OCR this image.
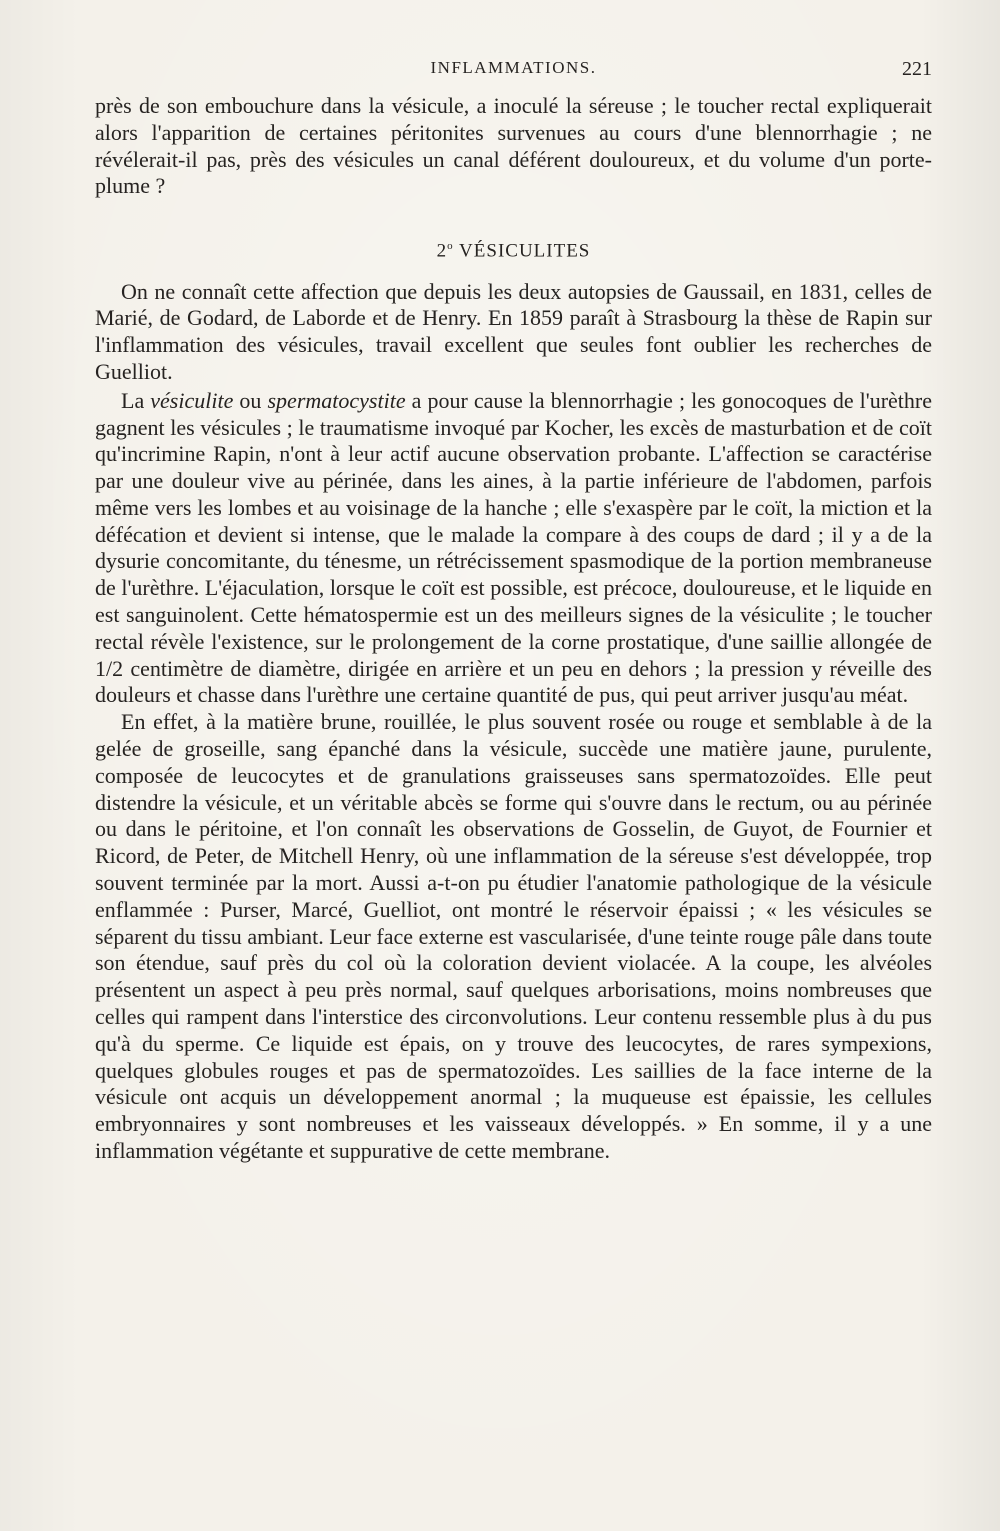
INFLAMMATIONS.	221

près de son embouchure dans la vésicule, a inoculé la séreuse ; le toucher rectal expliquerait alors l'apparition de certaines péritonites survenues au cours d'une blennorrhagie ; ne révélerait-il pas, près des vésicules un canal déférent douloureux, et du volume d'un porte-plume ?

2$^o$ VÉSICULITES

On ne connaît cette affection que depuis les deux autopsies de Gaussail, en 1831, celles de Marié, de Godard, de Laborde et de Henry. En 1859 paraît à Strasbourg la thèse de Rapin sur l'inflammation des vésicules, travail excellent que seules font oublier les recherches de Guelliot.

La vésiculite ou spermatocystite a pour cause la blennorrhagie ; les gonocoques de l'urèthre gagnent les vésicules ; le traumatisme invoqué par Kocher, les excès de masturbation et de coït qu'incrimine Rapin, n'ont à leur actif aucune observation probante. L'affection se caractérise par une douleur vive au périnée, dans les aines, à la partie inférieure de l'abdomen, parfois même vers les lombes et au voisinage de la hanche ; elle s'exaspère par le coït, la miction et la défécation et devient si intense, que le malade la compare à des coups de dard ; il y a de la dysurie concomitante, du ténesme, un rétrécissement spasmodique de la portion membraneuse de l'urèthre. L'éjaculation, lorsque le coït est possible, est précoce, douloureuse, et le liquide en est sanguinolent. Cette hématospermie est un des meilleurs signes de la vésiculite ; le toucher rectal révèle l'existence, sur le prolongement de la corne prostatique, d'une saillie allongée de 1/2 centimètre de diamètre, dirigée en arrière et un peu en dehors ; la pression y réveille des douleurs et chasse dans l'urèthre une certaine quantité de pus, qui peut arriver jusqu'au méat.

En effet, à la matière brune, rouillée, le plus souvent rosée ou rouge et semblable à de la gelée de groseille, sang épanché dans la vésicule, succède une matière jaune, purulente, composée de leucocytes et de granulations graisseuses sans spermatozoïdes. Elle peut distendre la vésicule, et un véritable abcès se forme qui s'ouvre dans le rectum, ou au périnée ou dans le péritoine, et l'on connaît les observations de Gosselin, de Guyot, de Fournier et Ricord, de Peter, de Mitchell Henry, où une inflammation de la séreuse s'est développée, trop souvent terminée par la mort. Aussi a-t-on pu étudier l'anatomie pathologique de la vésicule enflammée : Purser, Marcé, Guelliot, ont montré le réservoir épaissi ; « les vésicules se séparent du tissu ambiant. Leur face externe est vascularisée, d'une teinte rouge pâle dans toute son étendue, sauf près du col où la coloration devient violacée. A la coupe, les alvéoles présentent un aspect à peu près normal, sauf quelques arborisations, moins nombreuses que celles qui rampent dans l'interstice des circonvolutions. Leur contenu ressemble plus à du pus qu'à du sperme. Ce liquide est épais, on y trouve des leucocytes, de rares sympexions, quelques globules rouges et pas de spermatozoïdes. Les saillies de la face interne de la vésicule ont acquis un développement anormal ; la muqueuse est épaissie, les cellules embryonnaires y sont nombreuses et les vaisseaux développés. » En somme, il y a une inflammation végétante et suppurative de cette membrane.
